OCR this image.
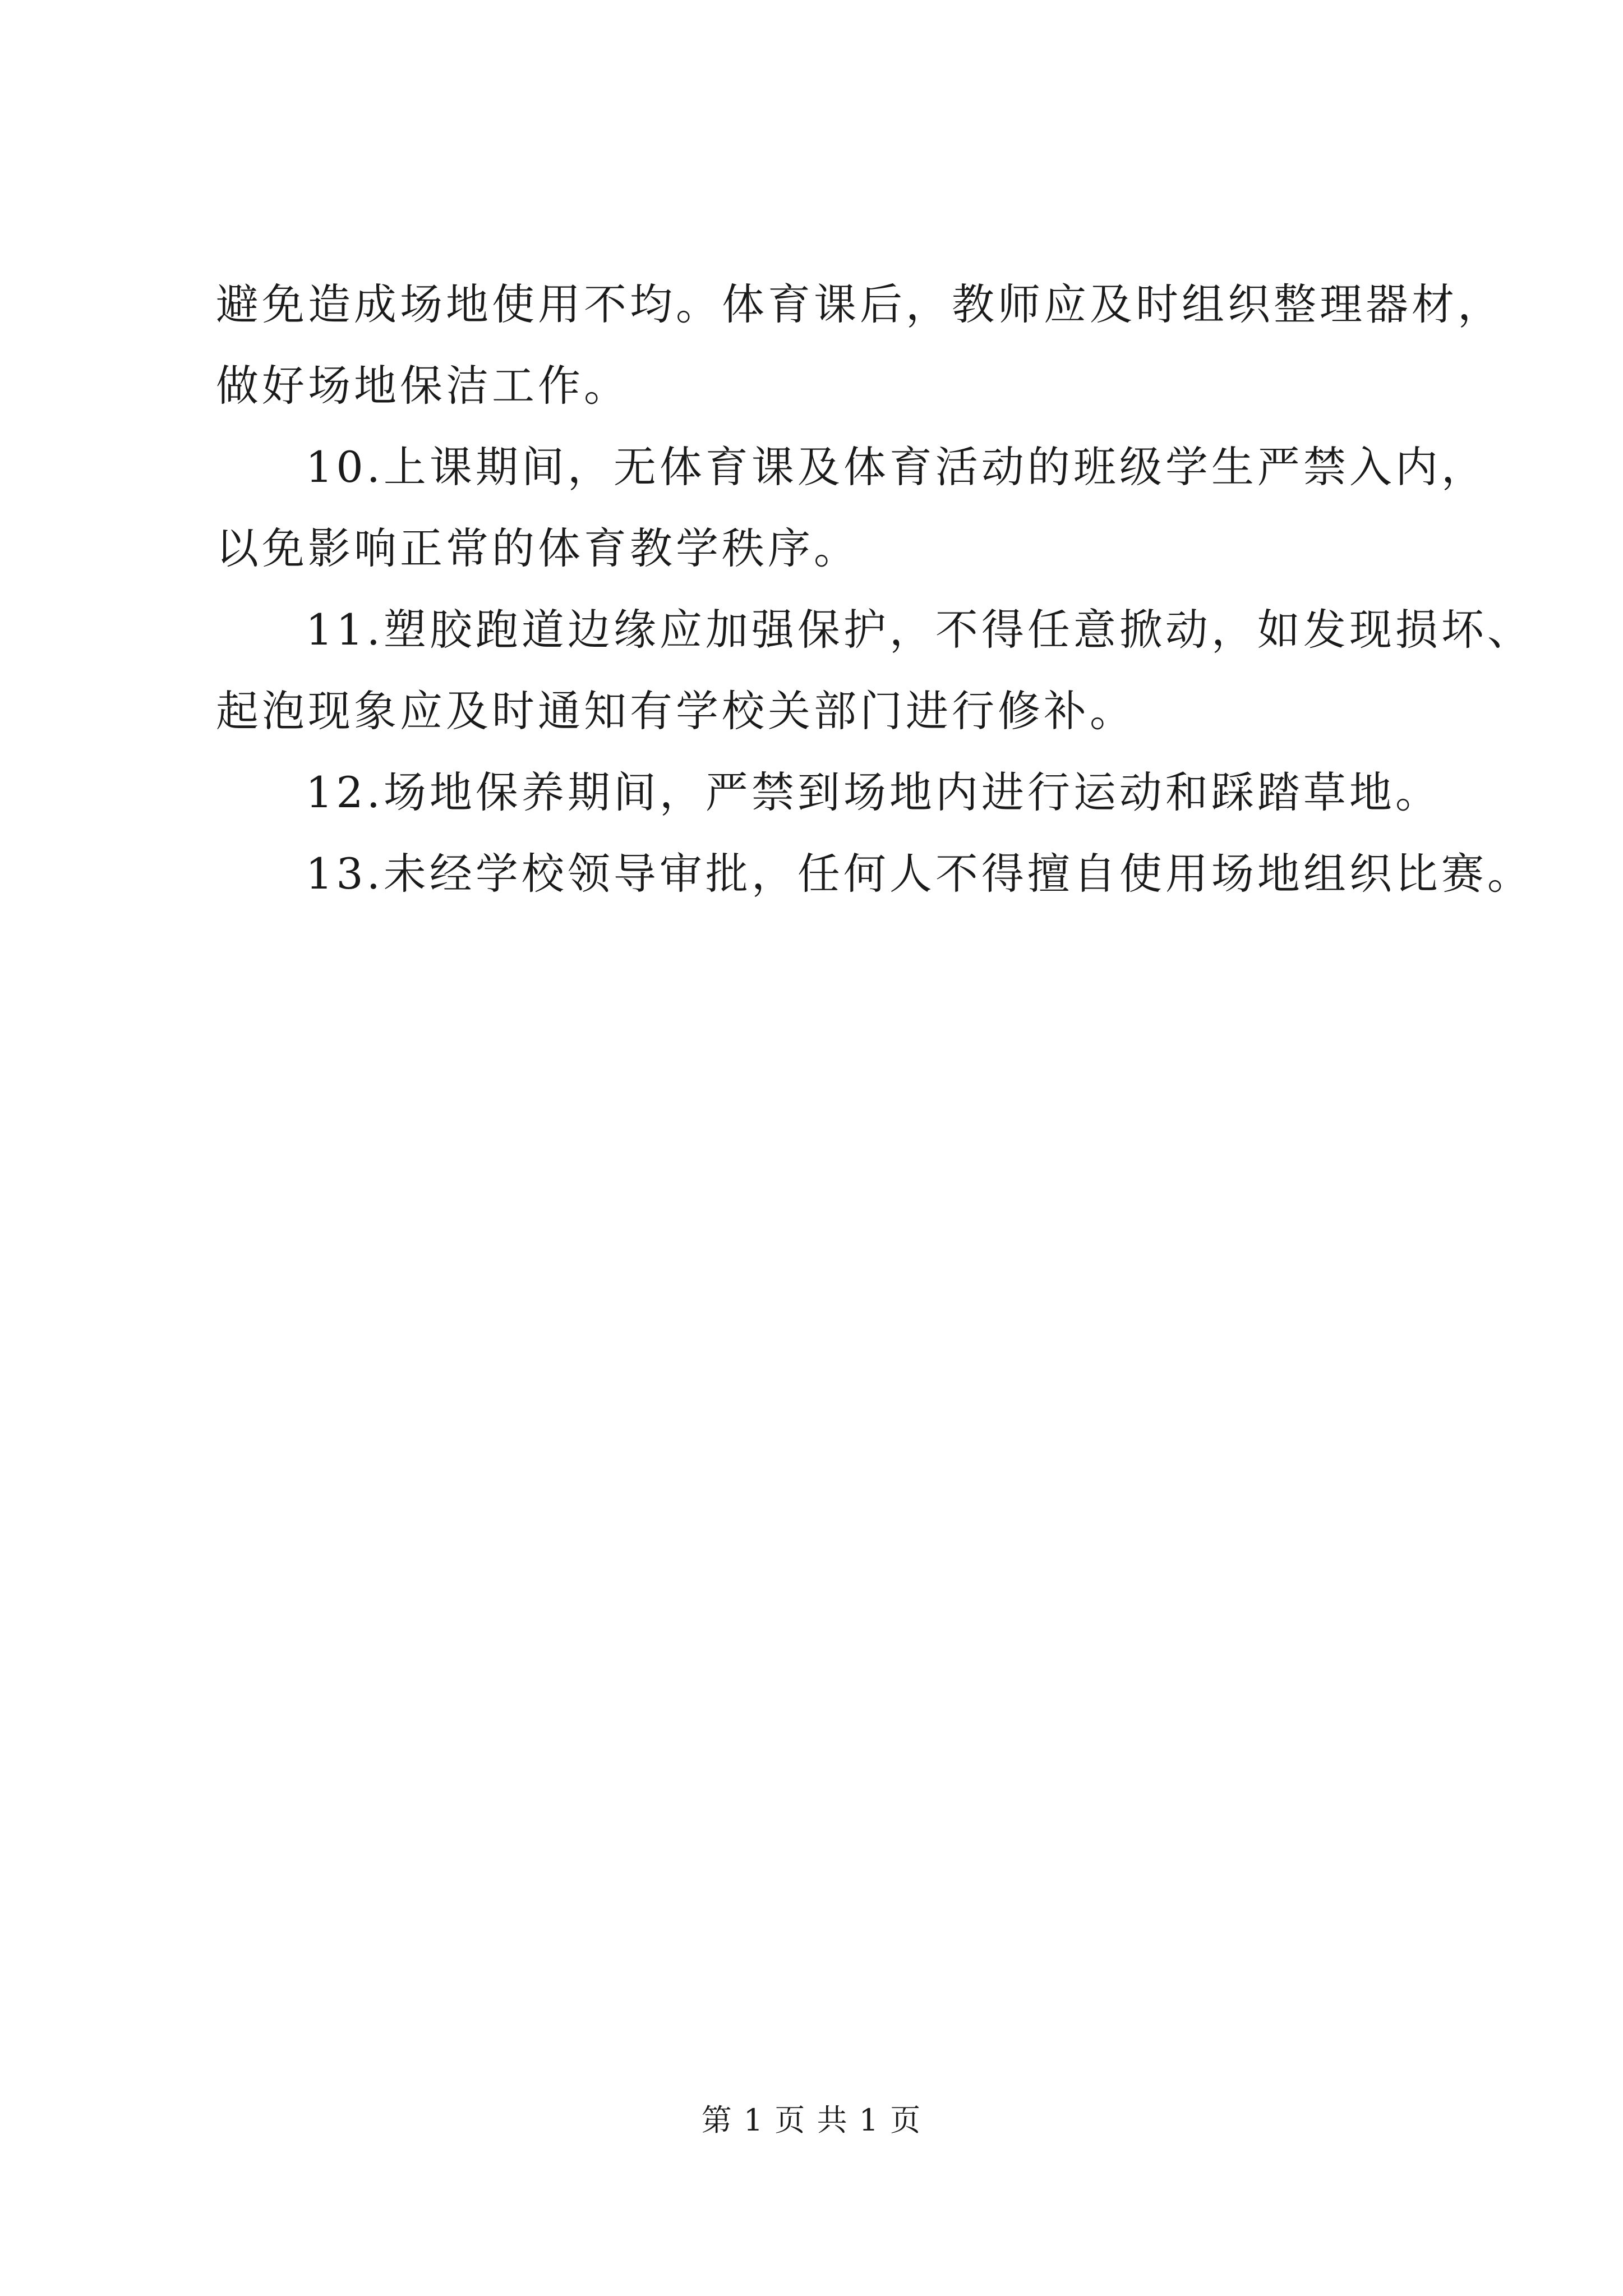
避免造成场地使用不均。体育课后，教师应及时组织整理器材，

做好场地保洁工作。

10.上课期间，无体育课及体育活动的班级学生严禁入内，

以免影响正常的体育教学秩序。

11.塑胶跑道边缘应加强保护，不得任意掀动，如发现损坏、

起泡现象应及时通知有学校关部门进行修补。

12.场地保养期间，严禁到场地内进行运动和踩踏草地。

13.未经学校领导审批，任何人不得擅自使用场地组织比赛。

第 1 页 共 1 页
